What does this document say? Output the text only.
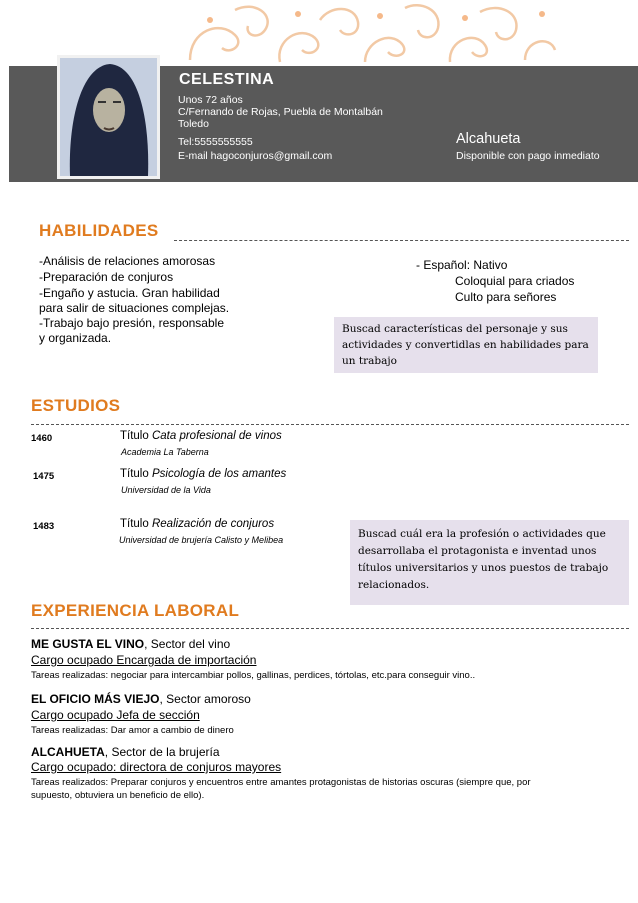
CELESTINA
Unos 72 años
C/Fernando de Rojas, Puebla de Montalbán
Toledo
Tel:5555555555
E-mail hagoconjuros@gmail.com
Alcahueta
Disponible con pago inmediato
HABILIDADES
-Análisis de relaciones amorosas
-Preparación de conjuros
-Engaño y astucia. Gran habilidad
para salir de situaciones complejas.
-Trabajo bajo presión, responsable
y organizada.
- Español: Nativo
Coloquial para criados
Culto para señores
Buscad características del personaje y sus actividades y convertidlas en habilidades para un trabajo
ESTUDIOS
1460	Título Cata profesional de vinos
Academia La Taberna
1475	Título Psicología de los amantes
Universidad de la Vida
1483	Título Realización de conjuros
Universidad de brujería Calisto y Melibea	Buscad cuál era la profesión o actividades que desarrollaba el protagonista e inventad unos títulos universitarios y unos puestos de trabajo relacionados.
EXPERIENCIA LABORAL
ME GUSTA EL VINO, Sector del vino
Cargo ocupado Encargada de importación
Tareas realizadas: negociar para intercambiar pollos, gallinas, perdices, tórtolas, etc.para conseguir vino..
EL OFICIO MÁS VIEJO, Sector amoroso
Cargo ocupado Jefa de sección
Tareas realizadas: Dar amor a cambio de dinero
ALCAHUETA, Sector de la brujería
Cargo ocupado: directora de conjuros mayores
Tareas realizados: Preparar conjuros y encuentros entre amantes protagonistas de historias oscuras (siempre que, por supuesto, obtuviera un beneficio de ello).
